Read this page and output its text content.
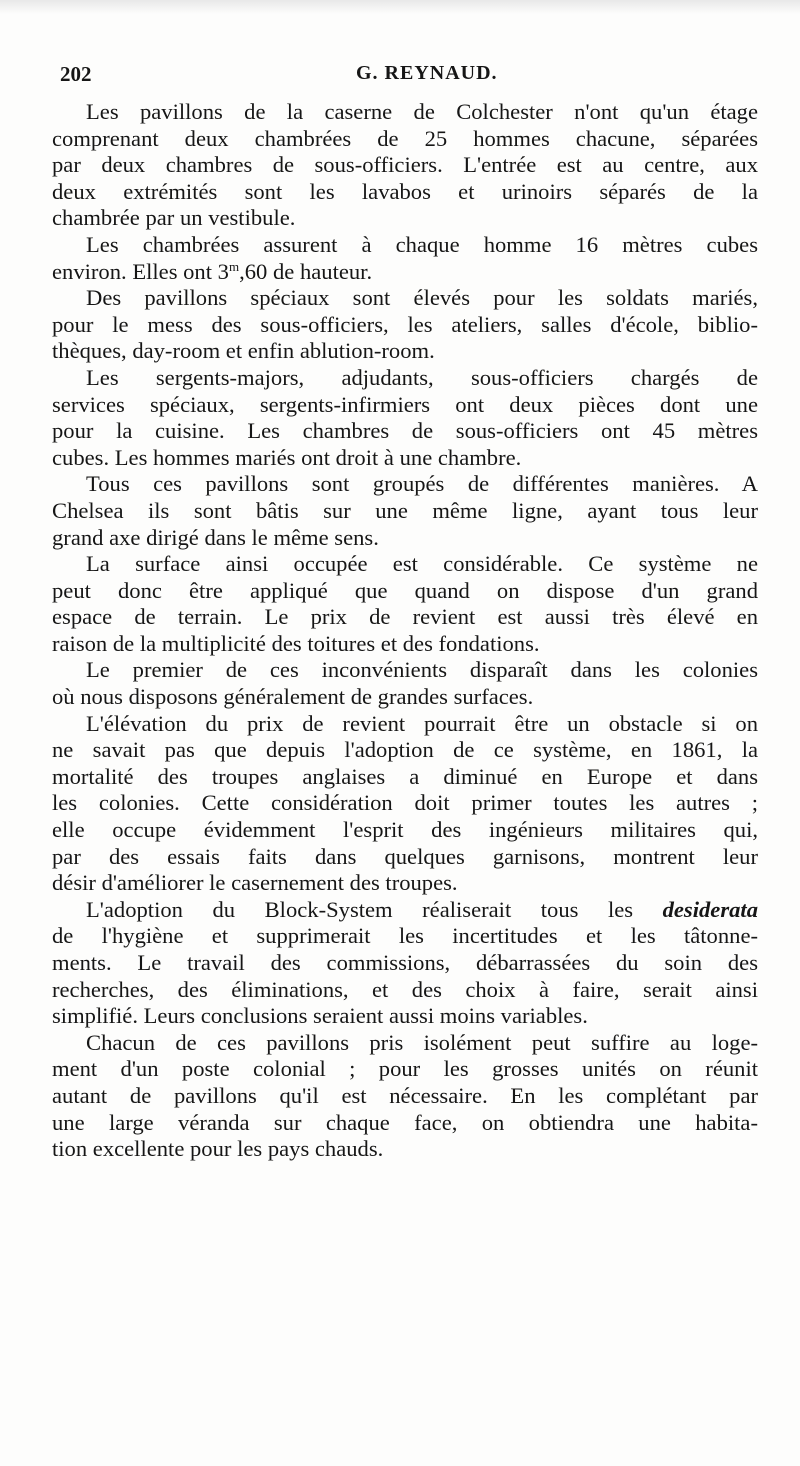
202	G. REYNAUD.
Les pavillons de la caserne de Colchester n'ont qu'un étage
comprenant deux chambrées de 25 hommes chacune, séparées
par deux chambres de sous-officiers. L'entrée est au centre, aux
deux extrémités sont les lavabos et urinoirs séparés de la
chambrée par un vestibule.
Les chambrées assurent à chaque homme 16 mètres cubes
environ. Elles ont 3$^m$,60 de hauteur.
Des pavillons spéciaux sont élevés pour les soldats mariés,
pour le mess des sous-officiers, les ateliers, salles d'école, biblio-
thèques, day-room et enfin ablution-room.
Les sergents-majors, adjudants, sous-officiers chargés de
services spéciaux, sergents-infirmiers ont deux pièces dont une
pour la cuisine. Les chambres de sous-officiers ont 45 mètres
cubes. Les hommes mariés ont droit à une chambre.
Tous ces pavillons sont groupés de différentes manières. A
Chelsea ils sont bâtis sur une même ligne, ayant tous leur
grand axe dirigé dans le même sens.
La surface ainsi occupée est considérable. Ce système ne
peut donc être appliqué que quand on dispose d'un grand
espace de terrain. Le prix de revient est aussi très élevé en
raison de la multiplicité des toitures et des fondations.
Le premier de ces inconvénients disparaît dans les colonies
où nous disposons généralement de grandes surfaces.
L'élévation du prix de revient pourrait être un obstacle si on
ne savait pas que depuis l'adoption de ce système, en 1861, la
mortalité des troupes anglaises a diminué en Europe et dans
les colonies. Cette considération doit primer toutes les autres ;
elle occupe évidemment l'esprit des ingénieurs militaires qui,
par des essais faits dans quelques garnisons, montrent leur
désir d'améliorer le casernement des troupes.
L'adoption du Block-System réaliserait tous les desiderata
de l'hygiène et supprimerait les incertitudes et les tâtonne-
ments. Le travail des commissions, débarrassées du soin des
recherches, des éliminations, et des choix à faire, serait ainsi
simplifié. Leurs conclusions seraient aussi moins variables.
Chacun de ces pavillons pris isolément peut suffire au loge-
ment d'un poste colonial ; pour les grosses unités on réunit
autant de pavillons qu'il est nécessaire. En les complétant par
une large véranda sur chaque face, on obtiendra une habita-
tion excellente pour les pays chauds.
